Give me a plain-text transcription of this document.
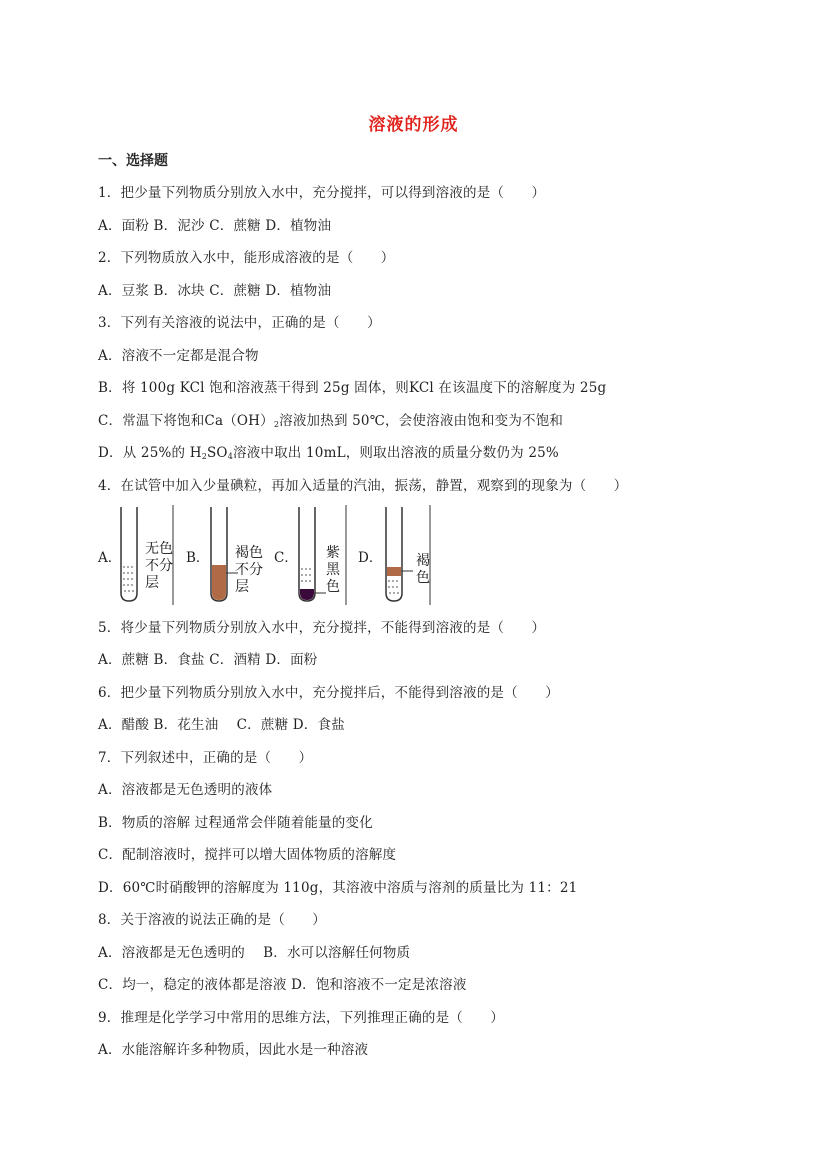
溶液的形成
一、选择题
1．把少量下列物质分别放入水中，充分搅拌，可以得到溶液的是（　　）
A．面粉 B．泥沙 C．蔗糖 D．植物油
2．下列物质放入水中，能形成溶液的是（　　）
A．豆浆 B．冰块 C．蔗糖 D．植物油
3．下列有关溶液的说法中，正确的是（　　）
A．溶液不一定都是混合物
B．将 100g KCl 饱和溶液蒸干得到 25g 固体，则KCl 在该温度下的溶解度为 25g
C．常温下将饱和$Ca(OH)_2$溶液加热到 50℃，会使溶液由饱和变为不饱和
D．从 25%的 $H_2SO_4$溶液中取出 10mL，则取出溶液的质量分数仍为 25%
4．在试管中加入少量碘粒，再加入适量的汽油，振荡，静置，观察到的现象为（　　）
A．
无色
不分
层
B． 褐色
不分
层
C． 紫
黑
色
D． 褐
色
5．将少量下列物质分别放入水中，充分搅拌，不能得到溶液的是（　　）
A．蔗糖 B．食盐 C．酒精 D．面粉
6．把少量下列物质分别放入水中，充分搅拌后，不能得到溶液的是（　　）
A．醋酸 B．花生油　 C．蔗糖 D．食盐
7．下列叙述中，正确的是（　　）
A．溶液都是无色透明的液体
B．物质的溶解 过程通常会伴随着能量的变化
C．配制溶液时，搅拌可以增大固体物质的溶解度
D．60℃时硝酸钾的溶解度为 110g，其溶液中溶质与溶剂的质量比为 11：21
8．关于溶液的说法正确的是（　　）
A．溶液都是无色透明的　 B．水可以溶解任何物质
C．均一，稳定的液体都是溶液 D．饱和溶液不一定是浓溶液
9．推理是化学学习中常用的思维方法，下列推理正确的是（　　）
A．水能溶解许多种物质，因此水是一种溶液
